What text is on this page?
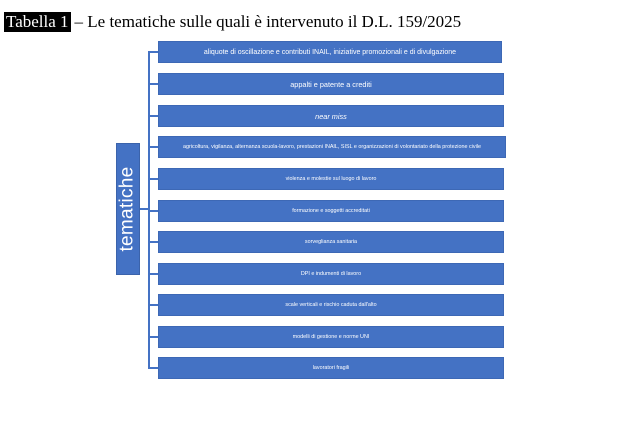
Tabella 1 – Le tematiche sulle quali è intervenuto il D.L. 159/2025
tematiche
aliquote di oscillazione e contributi INAIL, iniziative promozionali e di divulgazione
appalti e patente a crediti
near miss
agricoltura, vigilanza, alternanza scuola-lavoro, prestazioni INAIL, SISL e organizzazioni di volontariato della protezione civile
violenza e molestie sul luogo di lavoro
formazione e soggetti accreditati
sorveglianza sanitaria
DPI e indumenti di lavoro
scale verticali e rischio caduta dall'alto
modelli di gestione e norme UNI
lavoratori fragili
